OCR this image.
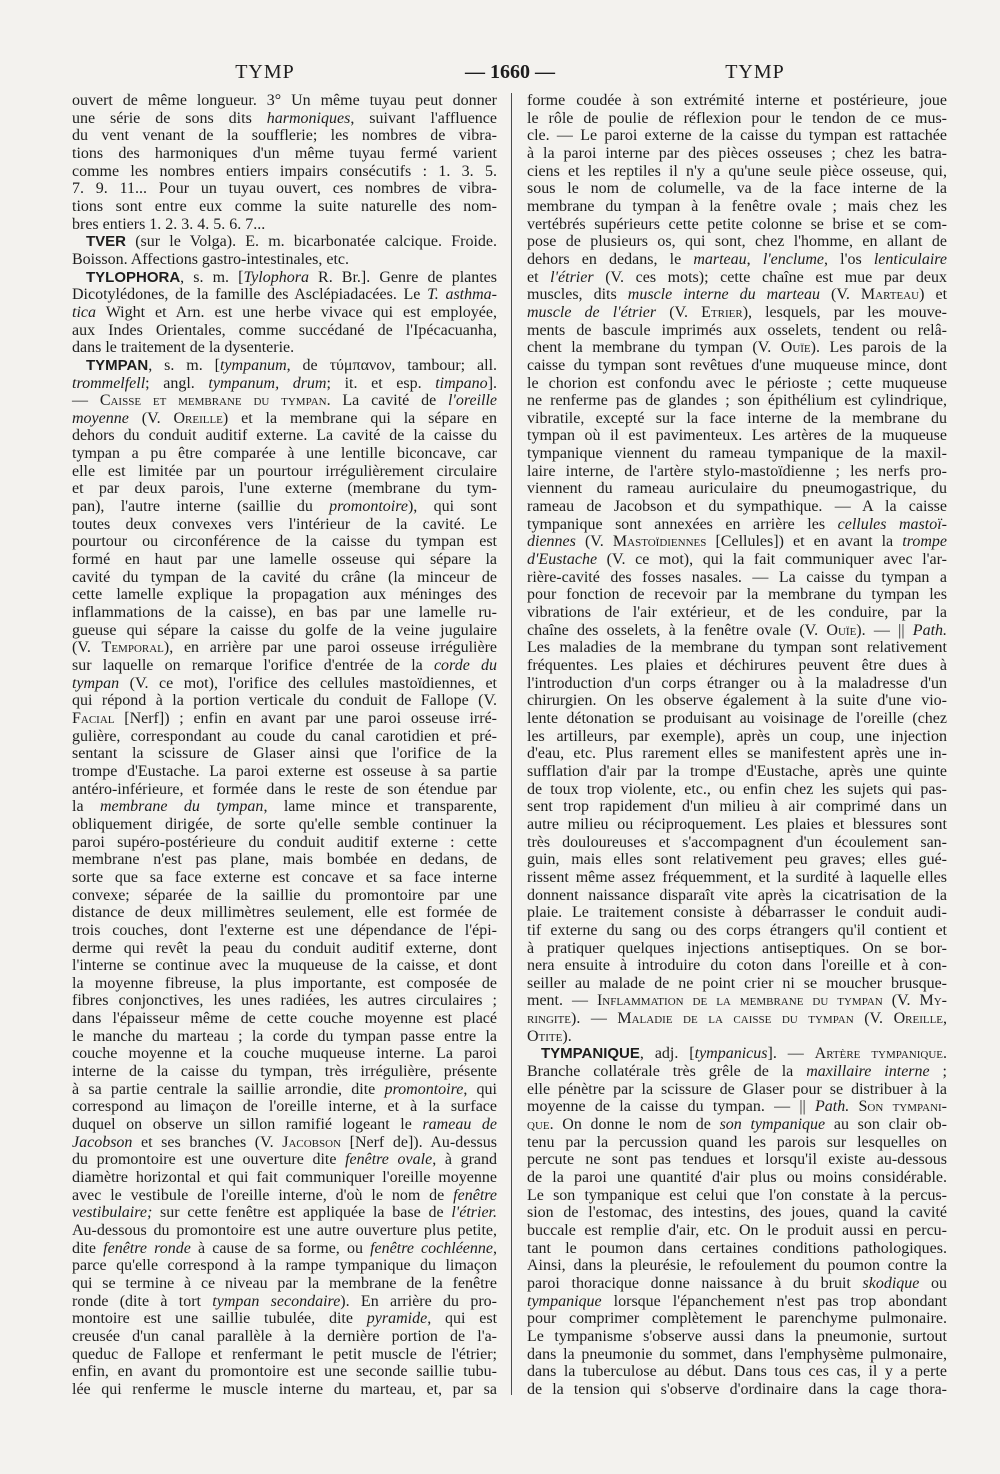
TYMP	— 1660 —	TYMP
ouvert de même longueur. 3° Un même tuyau peut donner
une série de sons dits harmoniques, suivant l'affluence
du vent venant de la soufflerie; les nombres de vibra-
tions des harmoniques d'un même tuyau fermé varient
comme les nombres entiers impairs consécutifs : 1. 3. 5.
7. 9. 11... Pour un tuyau ouvert, ces nombres de vibra-
tions sont entre eux comme la suite naturelle des nom-
bres entiers 1. 2. 3. 4. 5. 6. 7...
TVER (sur le Volga). E. m. bicarbonatée calcique. Froide.
Boisson. Affections gastro-intestinales, etc.
TYLOPHORA, s. m. [Tylophora R. Br.]. Genre de plantes
Dicotylédones, de la famille des Asclépiadacées. Le T. asthma-
tica Wight et Arn. est une herbe vivace qui est employée,
aux Indes Orientales, comme succédané de l'Ipécacuanha,
dans le traitement de la dysenterie.
TYMPAN, s. m. [tympanum, de τύμπανον, tambour; all.
trommelfell; angl. tympanum, drum; it. et esp. timpano].
— Caisse et membrane du tympan. La cavité de l'oreille
moyenne (V. Oreille) et la membrane qui la sépare en
dehors du conduit auditif externe. La cavité de la caisse du
tympan a pu être comparée à une lentille biconcave, car
elle est limitée par un pourtour irrégulièrement circulaire
et par deux parois, l'une externe (membrane du tym-
pan), l'autre interne (saillie du promontoire), qui sont
toutes deux convexes vers l'intérieur de la cavité. Le
pourtour ou circonférence de la caisse du tympan est
formé en haut par une lamelle osseuse qui sépare la
cavité du tympan de la cavité du crâne (la minceur de
cette lamelle explique la propagation aux méninges des
inflammations de la caisse), en bas par une lamelle ru-
gueuse qui sépare la caisse du golfe de la veine jugulaire
(V. Temporal), en arrière par une paroi osseuse irrégulière
sur laquelle on remarque l'orifice d'entrée de la corde du
tympan (V. ce mot), l'orifice des cellules mastoïdiennes, et
qui répond à la portion verticale du conduit de Fallope (V.
Facial [Nerf]) ; enfin en avant par une paroi osseuse irré-
gulière, correspondant au coude du canal carotidien et pré-
sentant la scissure de Glaser ainsi que l'orifice de la
trompe d'Eustache. La paroi externe est osseuse à sa partie
antéro-inférieure, et formée dans le reste de son étendue par
la membrane du tympan, lame mince et transparente,
obliquement dirigée, de sorte qu'elle semble continuer la
paroi supéro-postérieure du conduit auditif externe : cette
membrane n'est pas plane, mais bombée en dedans, de
sorte que sa face externe est concave et sa face interne
convexe; séparée de la saillie du promontoire par une
distance de deux millimètres seulement, elle est formée de
trois couches, dont l'externe est une dépendance de l'épi-
derme qui revêt la peau du conduit auditif externe, dont
l'interne se continue avec la muqueuse de la caisse, et dont
la moyenne fibreuse, la plus importante, est composée de
fibres conjonctives, les unes radiées, les autres circulaires ;
dans l'épaisseur même de cette couche moyenne est placé
le manche du marteau ; la corde du tympan passe entre la
couche moyenne et la couche muqueuse interne. La paroi
interne de la caisse du tympan, très irrégulière, présente
à sa partie centrale la saillie arrondie, dite promontoire, qui
correspond au limaçon de l'oreille interne, et à la surface
duquel on observe un sillon ramifié logeant le rameau de
Jacobson et ses branches (V. Jacobson [Nerf de]). Au-dessus
du promontoire est une ouverture dite fenêtre ovale, à grand
diamètre horizontal et qui fait communiquer l'oreille moyenne
avec le vestibule de l'oreille interne, d'où le nom de fenêtre
vestibulaire; sur cette fenêtre est appliquée la base de l'étrier.
Au-dessous du promontoire est une autre ouverture plus petite,
dite fenêtre ronde à cause de sa forme, ou fenêtre cochléenne,
parce qu'elle correspond à la rampe tympanique du limaçon
qui se termine à ce niveau par la membrane de la fenêtre
ronde (dite à tort tympan secondaire). En arrière du pro-
montoire est une saillie tubulée, dite pyramide, qui est
creusée d'un canal parallèle à la dernière portion de l'a-
queduc de Fallope et renfermant le petit muscle de l'étrier;
enfin, en avant du promontoire est une seconde saillie tubu-
lée qui renferme le muscle interne du marteau, et, par sa
forme coudée à son extrémité interne et postérieure, joue
le rôle de poulie de réflexion pour le tendon de ce mus-
cle. — Le paroi externe de la caisse du tympan est rattachée
à la paroi interne par des pièces osseuses ; chez les batra-
ciens et les reptiles il n'y a qu'une seule pièce osseuse, qui,
sous le nom de columelle, va de la face interne de la
membrane du tympan à la fenêtre ovale ; mais chez les
vertébrés supérieurs cette petite colonne se brise et se com-
pose de plusieurs os, qui sont, chez l'homme, en allant de
dehors en dedans, le marteau, l'enclume, l'os lenticulaire
et l'étrier (V. ces mots); cette chaîne est mue par deux
muscles, dits muscle interne du marteau (V. Marteau) et
muscle de l'étrier (V. Etrier), lesquels, par les mouve-
ments de bascule imprimés aux osselets, tendent ou relâ-
chent la membrane du tympan (V. Ouïe). Les parois de la
caisse du tympan sont revêtues d'une muqueuse mince, dont
le chorion est confondu avec le périoste ; cette muqueuse
ne renferme pas de glandes ; son épithélium est cylindrique,
vibratile, excepté sur la face interne de la membrane du
tympan où il est pavimenteux. Les artères de la muqueuse
tympanique viennent du rameau tympanique de la maxil-
laire interne, de l'artère stylo-mastoïdienne ; les nerfs pro-
viennent du rameau auriculaire du pneumogastrique, du
rameau de Jacobson et du sympathique. — A la caisse
tympanique sont annexées en arrière les cellules mastoï-
diennes (V. Mastoïdiennes [Cellules]) et en avant la trompe
d'Eustache (V. ce mot), qui la fait communiquer avec l'ar-
rière-cavité des fosses nasales. — La caisse du tympan a
pour fonction de recevoir par la membrane du tympan les
vibrations de l'air extérieur, et de les conduire, par la
chaîne des osselets, à la fenêtre ovale (V. Ouïe). — || Path.
Les maladies de la membrane du tympan sont relativement
fréquentes. Les plaies et déchirures peuvent être dues à
l'introduction d'un corps étranger ou à la maladresse d'un
chirurgien. On les observe également à la suite d'une vio-
lente détonation se produisant au voisinage de l'oreille (chez
les artilleurs, par exemple), après un coup, une injection
d'eau, etc. Plus rarement elles se manifestent après une in-
sufflation d'air par la trompe d'Eustache, après une quinte
de toux trop violente, etc., ou enfin chez les sujets qui pas-
sent trop rapidement d'un milieu à air comprimé dans un
autre milieu ou réciproquement. Les plaies et blessures sont
très douloureuses et s'accompagnent d'un écoulement san-
guin, mais elles sont relativement peu graves; elles gué-
rissent même assez fréquemment, et la surdité à laquelle elles
donnent naissance disparaît vite après la cicatrisation de la
plaie. Le traitement consiste à débarrasser le conduit audi-
tif externe du sang ou des corps étrangers qu'il contient et
à pratiquer quelques injections antiseptiques. On se bor-
nera ensuite à introduire du coton dans l'oreille et à con-
seiller au malade de ne point crier ni se moucher brusque-
ment. — Inflammation de la membrane du tympan (V. My-
ringite). — Maladie de la caisse du tympan (V. Oreille,
Otite).
TYMPANIQUE, adj. [tympanicus]. — Artère tympanique.
Branche collatérale très grêle de la maxillaire interne ;
elle pénètre par la scissure de Glaser pour se distribuer à la
moyenne de la caisse du tympan. — || Path. Son tympani-
que. On donne le nom de son tympanique au son clair ob-
tenu par la percussion quand les parois sur lesquelles on
percute ne sont pas tendues et lorsqu'il existe au-dessous
de la paroi une quantité d'air plus ou moins considérable.
Le son tympanique est celui que l'on constate à la percus-
sion de l'estomac, des intestins, des joues, quand la cavité
buccale est remplie d'air, etc. On le produit aussi en percu-
tant le poumon dans certaines conditions pathologiques.
Ainsi, dans la pleurésie, le refoulement du poumon contre la
paroi thoracique donne naissance à du bruit skodique ou
tympanique lorsque l'épanchement n'est pas trop abondant
pour comprimer complètement le parenchyme pulmonaire.
Le tympanisme s'observe aussi dans la pneumonie, surtout
dans la pneumonie du sommet, dans l'emphysème pulmonaire,
dans la tuberculose au début. Dans tous ces cas, il y a perte
de la tension qui s'observe d'ordinaire dans la cage thora-
